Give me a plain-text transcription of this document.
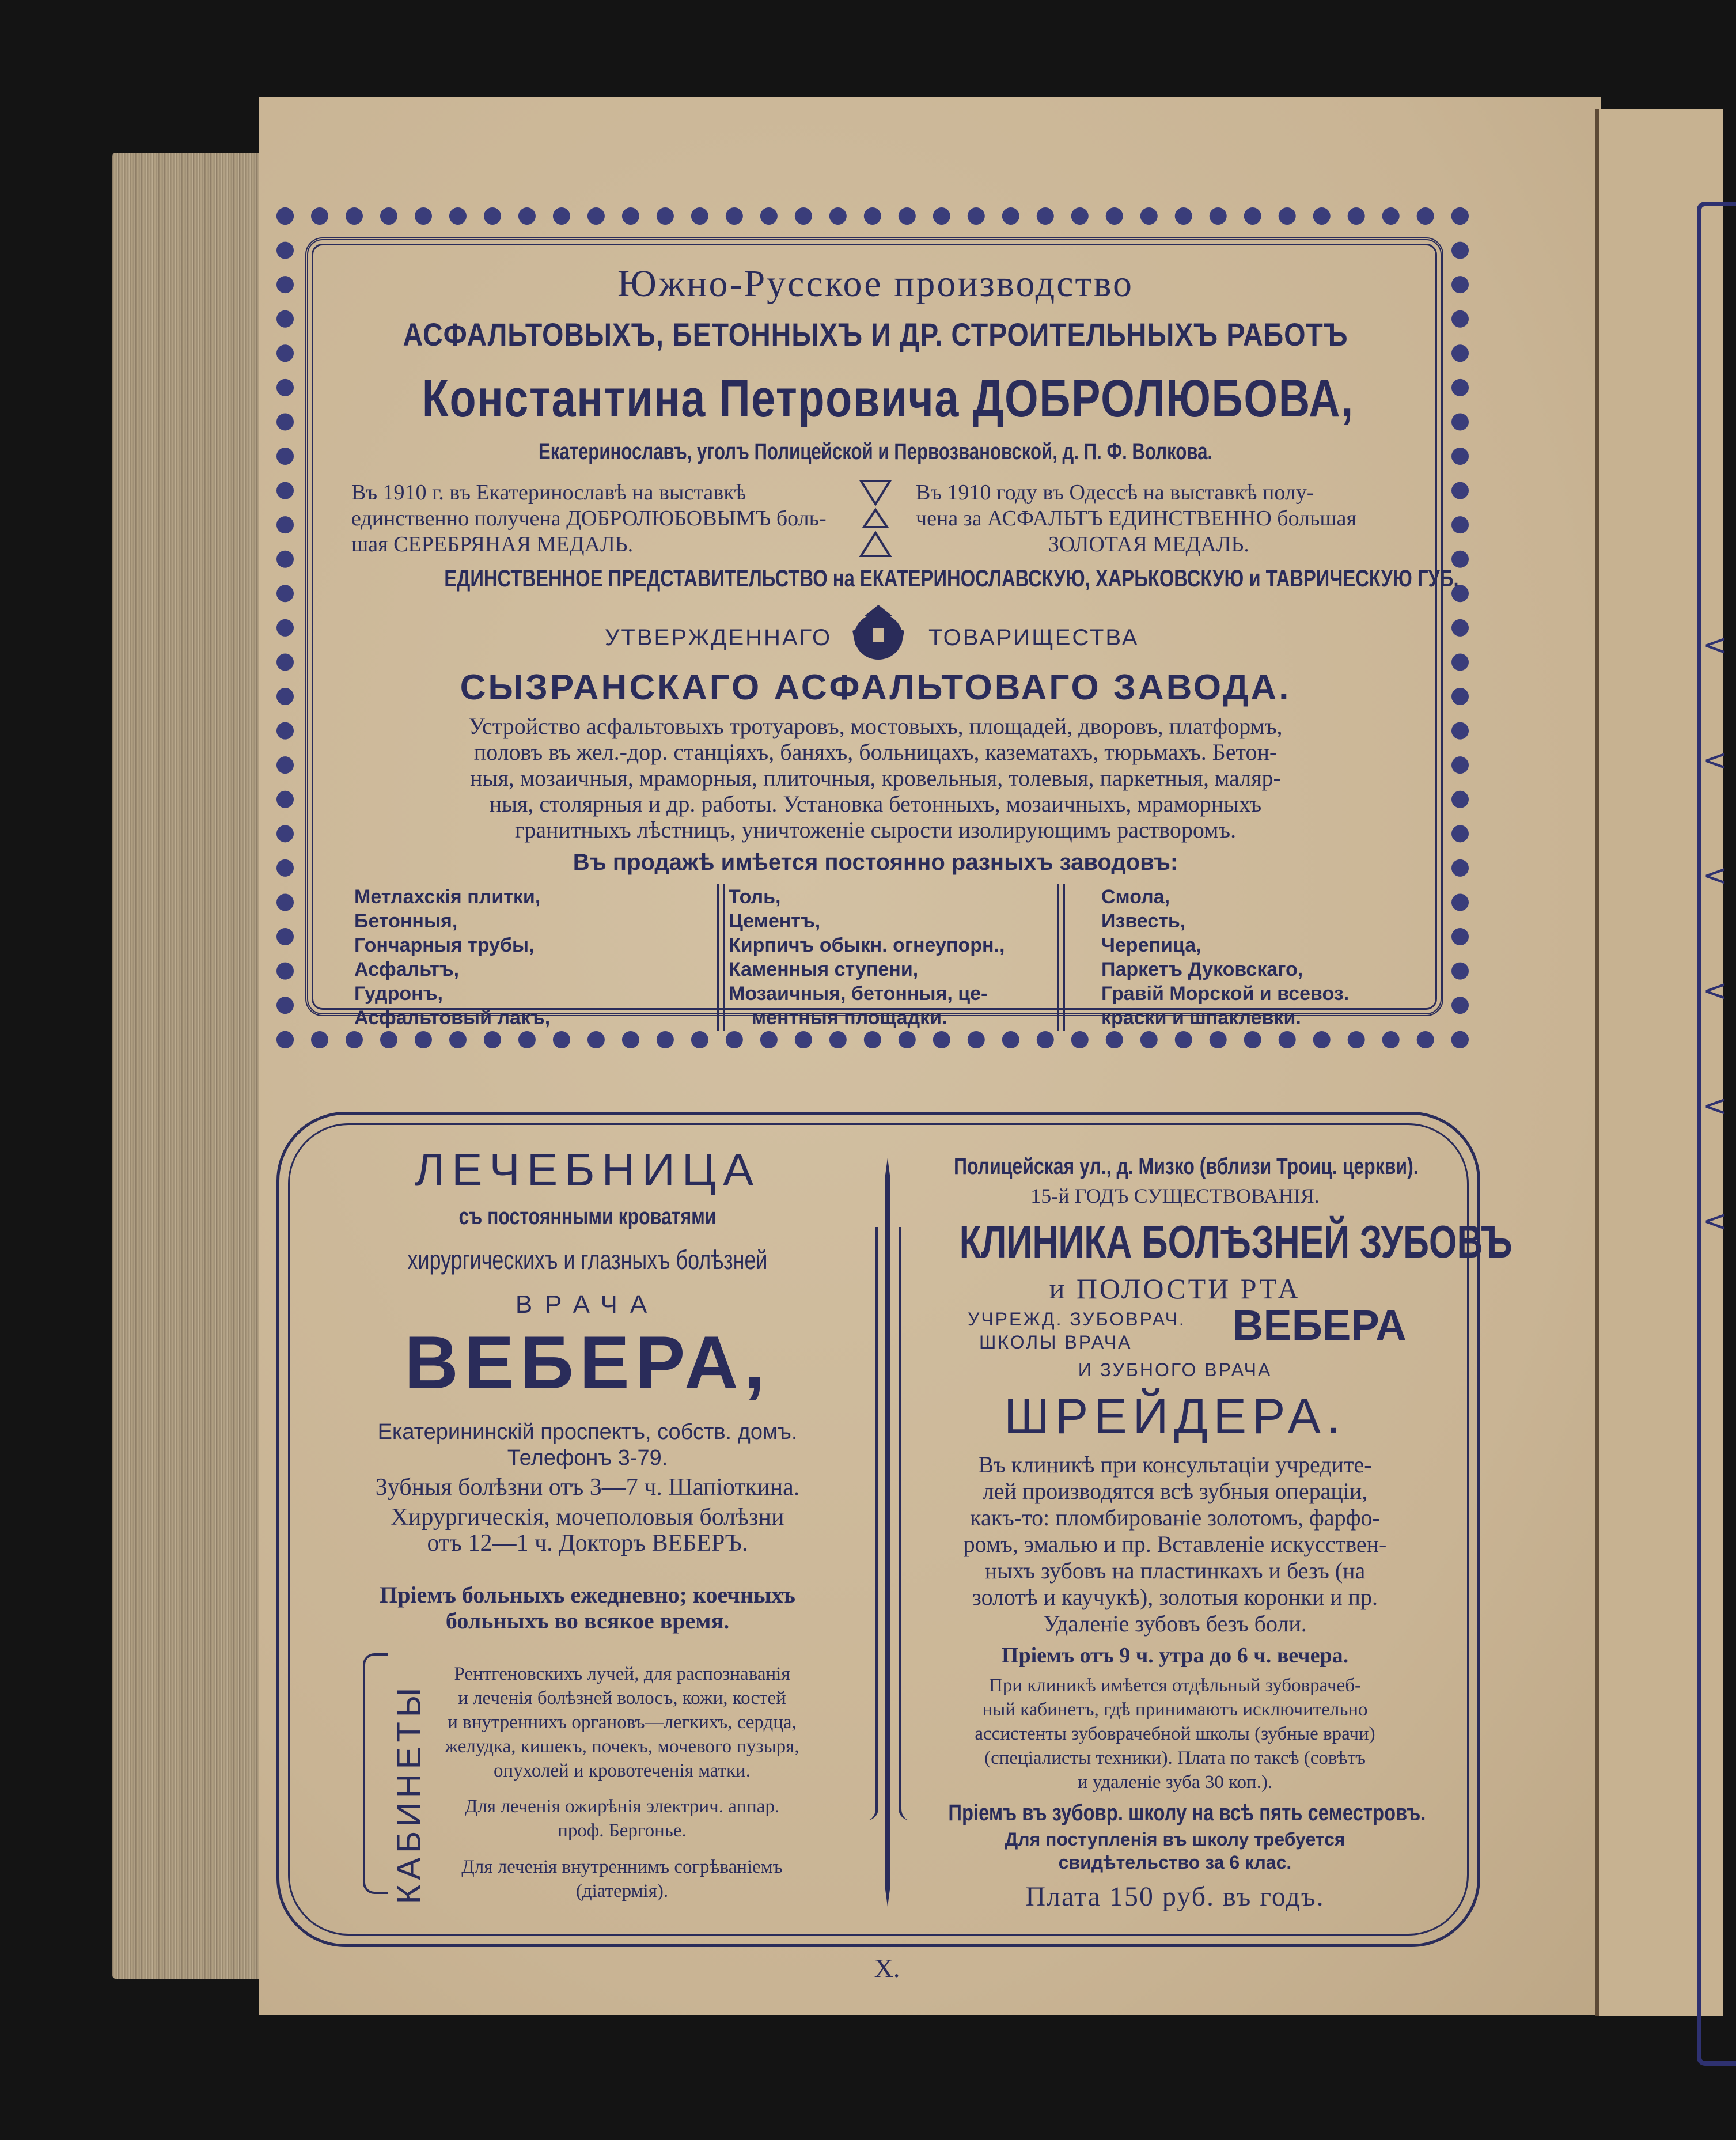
<
<
<
<
<
<
Южно-Русское производство
АСФАЛЬТОВЫХЪ, БЕТОННЫХЪ И ДР. СТРОИТЕЛЬНЫХЪ РАБОТЪ
Константина Петровича ДОБРОЛЮБОВА,
Екатеринославъ, уголъ Полицейской и Первозвановской, д. П. Ф. Волкова.
Въ 1910 г. въ Екатеринославѣ на выставкѣ
единственно получена ДОБРОЛЮБОВЫМЪ боль-
шая СЕРЕБРЯНАЯ МЕДАЛЬ.
Въ 1910 году въ Одессѣ на выставкѣ полу-
чена за АСФАЛЬТЪ ЕДИНСТВЕННО большая
ЗОЛОТАЯ МЕДАЛЬ.
ЕДИНСТВЕННОЕ ПРЕДСТАВИТЕЛЬСТВО на ЕКАТЕРИНОСЛАВСКУЮ, ХАРЬКОВСКУЮ и ТАВРИЧЕСКУЮ ГУБ.
УТВЕРЖДЕННАГО	ТОВАРИЩЕСТВА
СЫЗРАНСКАГО АСФАЛЬТОВАГО ЗАВОДА.
Устройство асфальтовыхъ тротуаровъ, мостовыхъ, площадей, дворовъ, платформъ,
половъ въ жел.-дор. станціяхъ, баняхъ, больницахъ, казематахъ, тюрьмахъ. Бетон-
ныя, мозаичныя, мраморныя, плиточныя, кровельныя, толевыя, паркетныя, маляр-
ныя, столярныя и др. работы. Установка бетонныхъ, мозаичныхъ, мраморныхъ
гранитныхъ лѣстницъ, уничтоженіе сырости изолирующимъ растворомъ.
Въ продажѣ имѣется постоянно разныхъ заводовъ:
Метлахскія плитки,
Бетонныя,
Гончарныя трубы,
Асфальтъ,
Гудронъ,
Асфальтовый лакъ,
Толь,
Цементъ,
Кирпичъ обыкн. огнеупорн.,
Каменныя ступени,
Мозаичныя, бетонныя, це-
ментныя площадки.
Смола,
Известь,
Черепица,
Паркетъ Дуковскаго,
Гравій Морской и всевоз.
краски и шпаклевки.
ЛЕЧЕБНИЦА
съ постоянными кроватями
хирургическихъ и глазныхъ болѣзней
ВРАЧА
ВЕБЕРА,
Екатерининскій проспектъ, собств. домъ.
Телефонъ 3-79.
Зубныя болѣзни отъ 3—7 ч. Шапіоткина.
Хирургическія, мочеполовыя болѣзни
отъ 12—1 ч. Докторъ ВЕБЕРЪ.
Пріемъ больныхъ ежедневно; коечныхъ
больныхъ во всякое время.
КАБИНЕТЫ
Рентгеновскихъ лучей, для распознаванія
и леченія болѣзней волосъ, кожи, костей
и внутреннихъ органовъ—легкихъ, сердца,
желудка, кишекъ, почекъ, мочевого пузыря,
опухолей и кровотеченія матки.
Для леченія ожирѣнія электрич. аппар.
проф. Бергонье.
Для леченія внутреннимъ согрѣваніемъ
(діатермія).
Полицейская ул., д. Мизко (вблизи Троиц. церкви).
15-й ГОДЪ СУЩЕСТВОВАНІЯ.
КЛИНИКА БОЛѢЗНЕЙ ЗУБОВЪ
и ПОЛОСТИ РТА
УЧРЕЖД. ЗУБОВРАЧ.
ШКОЛЫ ВРАЧА ВЕБЕРА
И ЗУБНОГО ВРАЧА
ШРЕЙДЕРА.
Въ клиникѣ при консультаціи учредите-
лей производятся всѣ зубныя операціи,
какъ-то: пломбированіе золотомъ, фарфо-
ромъ, эмалью и пр. Вставленіе искусствен-
ныхъ зубовъ на пластинкахъ и безъ (на
золотѣ и каучукѣ), золотыя коронки и пр.
Удаленіе зубовъ безъ боли.
Пріемъ отъ 9 ч. утра до 6 ч. вечера.
При клиникѣ имѣется отдѣльный зубоврачеб-
ный кабинетъ, гдѣ принимаютъ исключительно
ассистенты зубоврачебной школы (зубные врачи)
(спеціалисты техники). Плата по таксѣ (совѣтъ
и удаленіе зуба 30 коп.).
Пріемъ въ зубовр. школу на всѣ пять семестровъ.
Для поступленія въ школу требуется
свидѣтельство за 6 клас.
Плата 150 руб. въ годъ.
X.
